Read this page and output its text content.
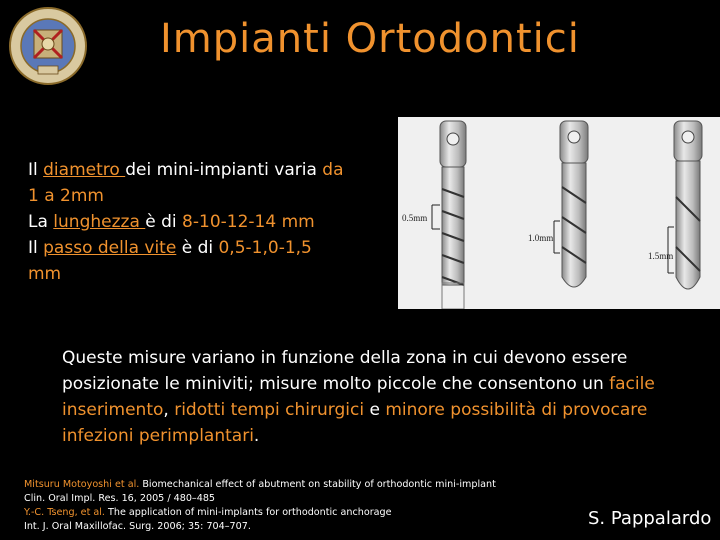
Impianti Ortodontici
Il diametro dei mini-impianti varia da
1 a 2mm
La lunghezza è di 8-10-12-14 mm
Il passo della vite è di 0,5-1,0-1,5
mm
0.5mm
1.0mm
1.5mm
Queste misure variano in funzione della zona in cui devono essere
posizionate le miniviti; misure molto piccole che consentono un facile
inserimento, ridotti tempi chirurgici e minore possibilità di provocare
infezioni perimplantari.
Mitsuru Motoyoshi et al. Biomechanical effect of abutment on stability of orthodontic mini-implant
Clin. Oral Impl. Res. 16, 2005 / 480–485
Y.-C. Tseng, et al. The application of mini-implants for orthodontic anchorage
Int. J. Oral Maxillofac. Surg. 2006; 35: 704–707.	S. Pappalardo
